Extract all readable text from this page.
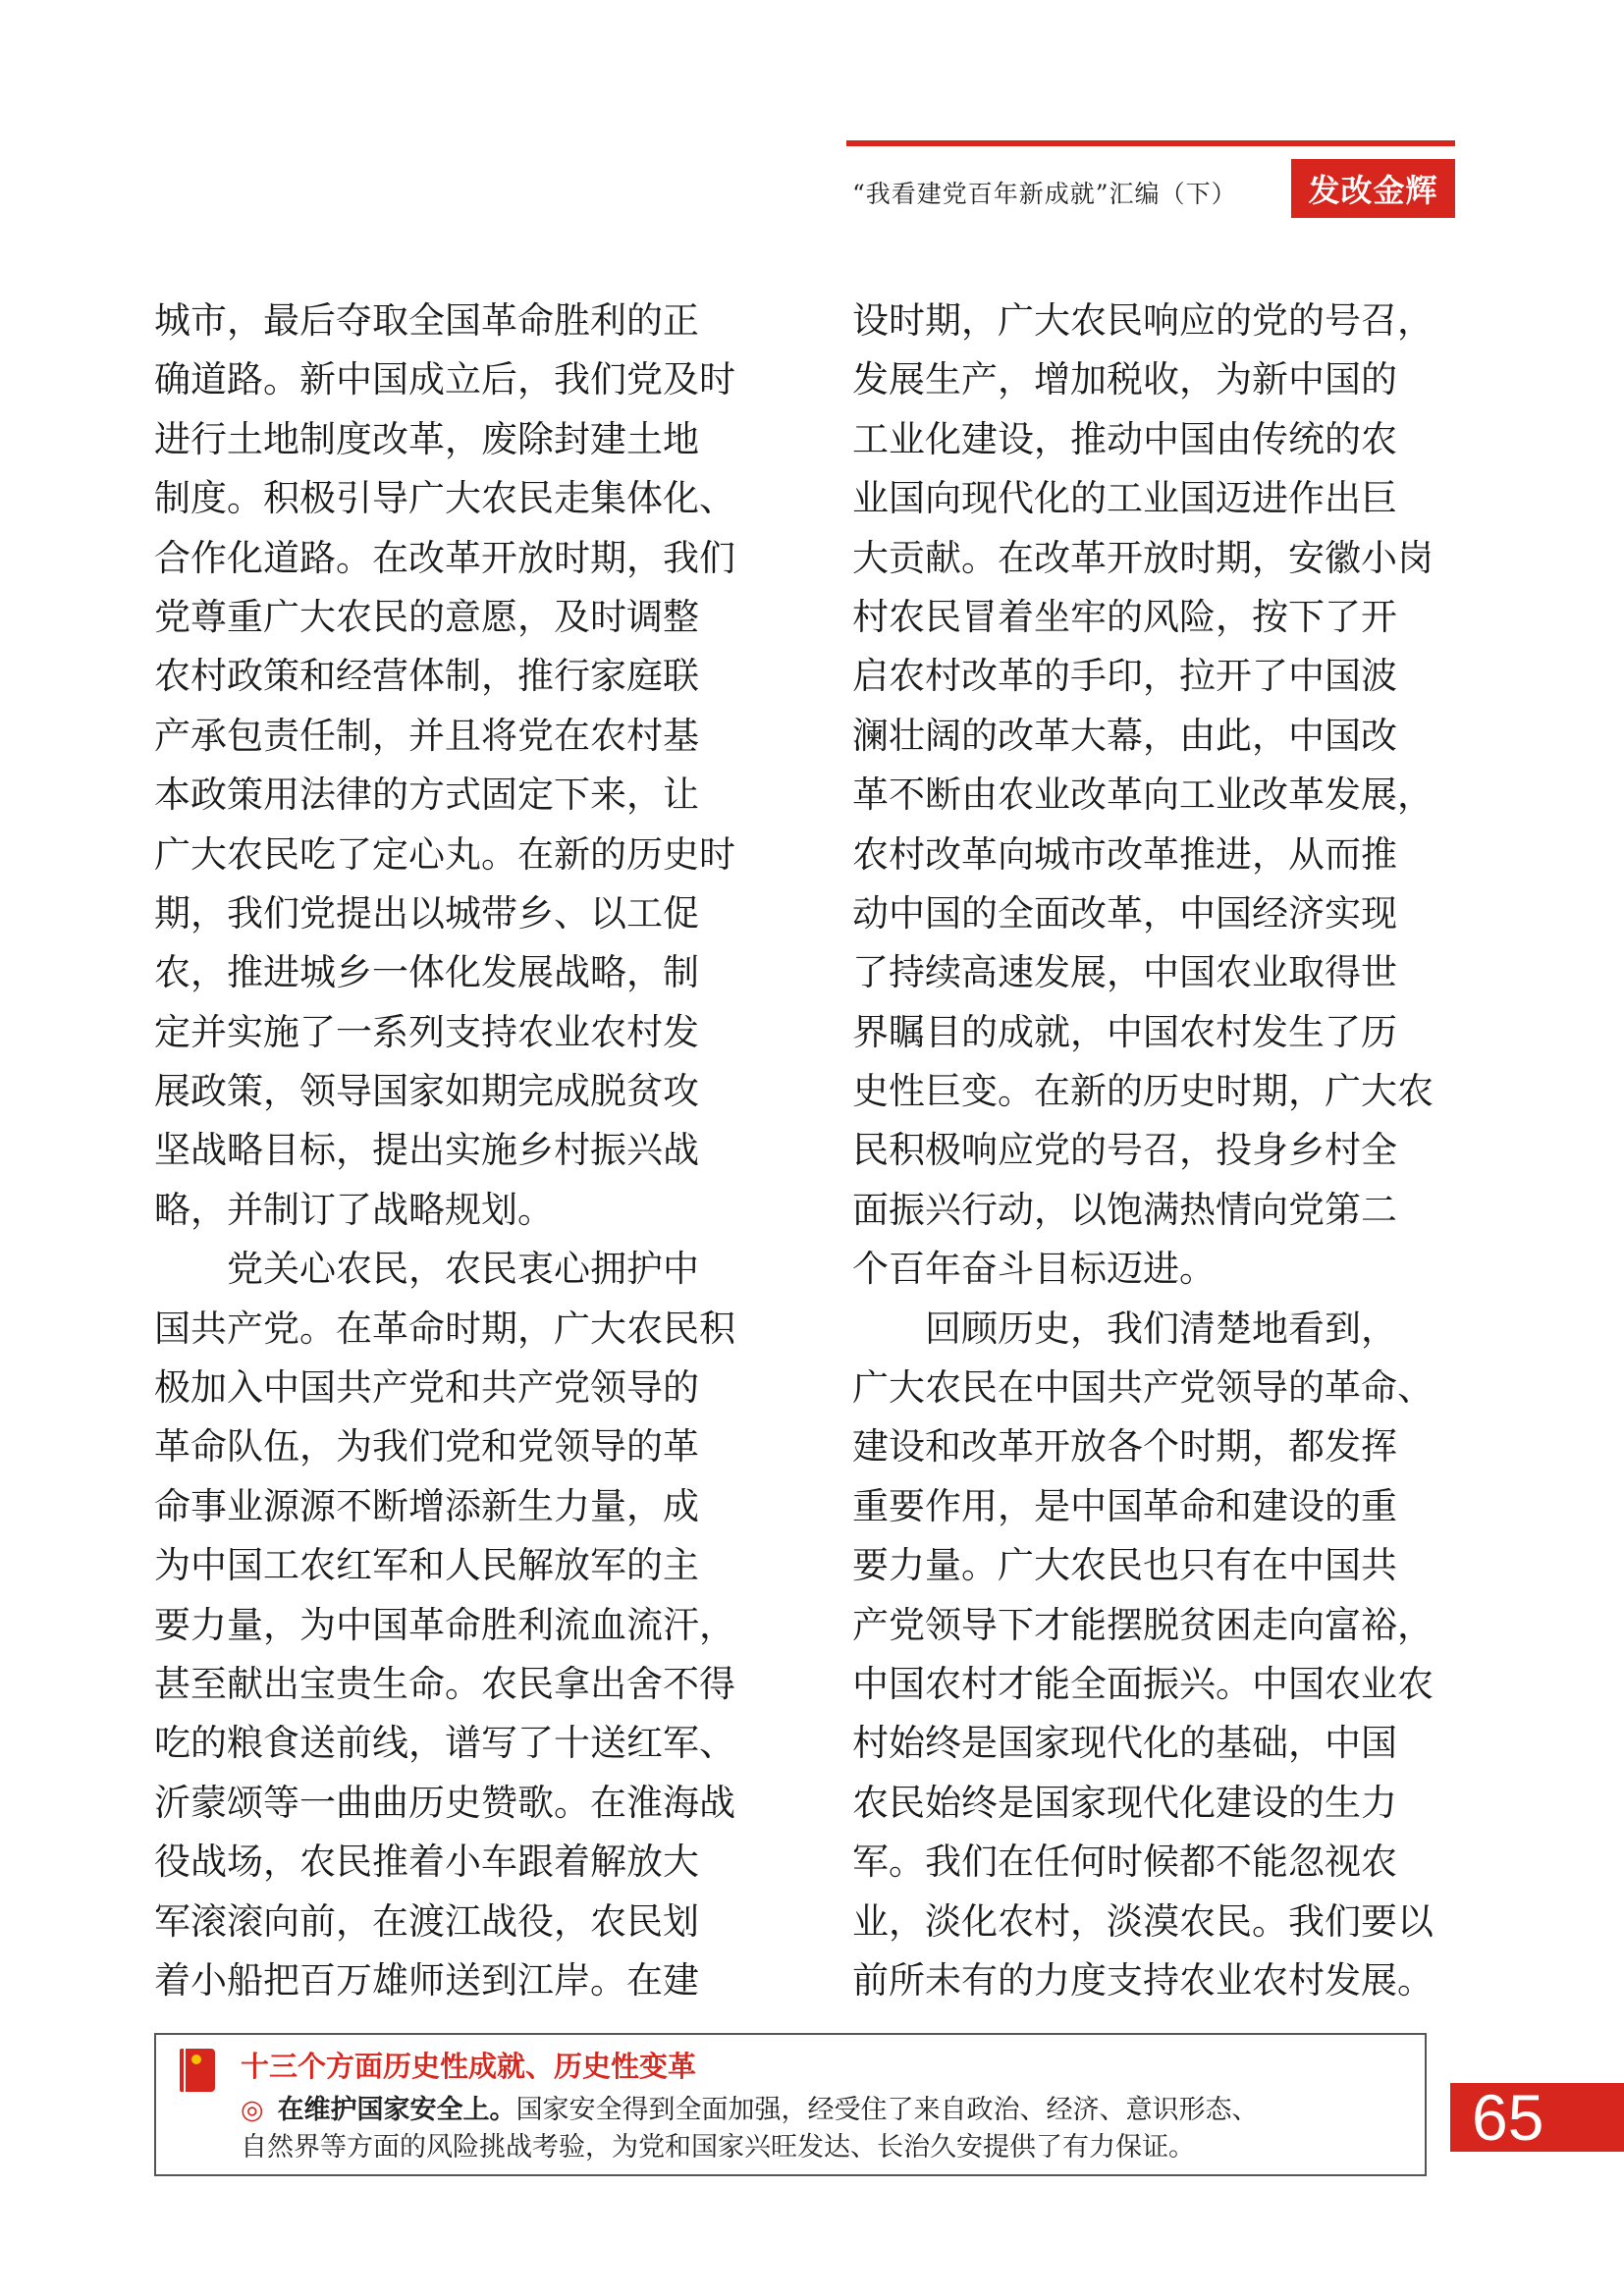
“我看建党百年新成就”汇编（下）	发改金辉
城市，最后夺取全国革命胜利的正
确道路。新中国成立后，我们党及时
进行土地制度改革，废除封建土地
制度。积极引导广大农民走集体化、
合作化道路。在改革开放时期，我们
党尊重广大农民的意愿，及时调整
农村政策和经营体制，推行家庭联
产承包责任制，并且将党在农村基
本政策用法律的方式固定下来，让
广大农民吃了定心丸。在新的历史时
期，我们党提出以城带乡、以工促
农，推进城乡一体化发展战略，制
定并实施了一系列支持农业农村发
展政策，领导国家如期完成脱贫攻
坚战略目标，提出实施乡村振兴战
略，并制订了战略规划。
党关心农民，农民衷心拥护中
国共产党。在革命时期，广大农民积
极加入中国共产党和共产党领导的
革命队伍，为我们党和党领导的革
命事业源源不断增添新生力量，成
为中国工农红军和人民解放军的主
要力量，为中国革命胜利流血流汗，
甚至献出宝贵生命。农民拿出舍不得
吃的粮食送前线，谱写了十送红军、
沂蒙颂等一曲曲历史赞歌。在淮海战
役战场，农民推着小车跟着解放大
军滚滚向前，在渡江战役，农民划
着小船把百万雄师送到江岸。在建
设时期，广大农民响应的党的号召，
发展生产，增加税收，为新中国的
工业化建设，推动中国由传统的农
业国向现代化的工业国迈进作出巨
大贡献。在改革开放时期，安徽小岗
村农民冒着坐牢的风险，按下了开
启农村改革的手印，拉开了中国波
澜壮阔的改革大幕，由此，中国改
革不断由农业改革向工业改革发展，
农村改革向城市改革推进，从而推
动中国的全面改革，中国经济实现
了持续高速发展，中国农业取得世
界瞩目的成就，中国农村发生了历
史性巨变。在新的历史时期，广大农
民积极响应党的号召，投身乡村全
面振兴行动，以饱满热情向党第二
个百年奋斗目标迈进。
回顾历史，我们清楚地看到，
广大农民在中国共产党领导的革命、
建设和改革开放各个时期，都发挥
重要作用，是中国革命和建设的重
要力量。广大农民也只有在中国共
产党领导下才能摆脱贫困走向富裕，
中国农村才能全面振兴。中国农业农
村始终是国家现代化的基础，中国
农民始终是国家现代化建设的生力
军。我们在任何时候都不能忽视农
业，淡化农村，淡漠农民。我们要以
前所未有的力度支持农业农村发展。
十三个方面历史性成就、历史性变革
◎ 在维护国家安全上。国家安全得到全面加强，经受住了来自政治、经济、意识形态、
自然界等方面的风险挑战考验，为党和国家兴旺发达、长治久安提供了有力保证。	65
